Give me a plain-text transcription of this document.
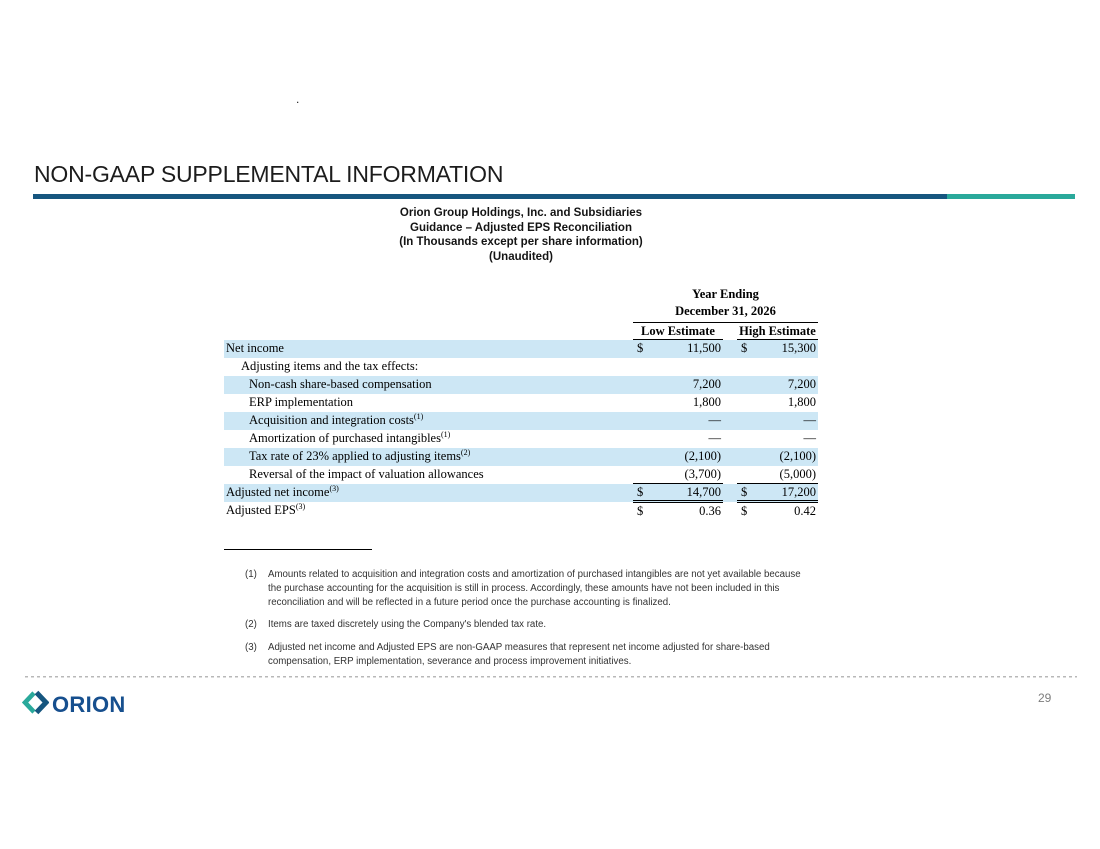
.
NON-GAAP SUPPLEMENTAL INFORMATION
Orion Group Holdings, Inc. and Subsidiaries
Guidance – Adjusted EPS Reconciliation
(In Thousands except per share information)
(Unaudited)

	Year Ending
December 31, 2026		

	Low Estimate		High Estimate
Net income	$ 11,500		$ 15,300

Adjusting items and the tax effects:	

Non-cash share-based compensation	7,200		7,200

ERP implementation	1,800		1,800

Acquisition and integration costs$^{(1)}$	—		—

Amortization of purchased intangibles$^{(1)}$	—		—

Tax rate of 23% applied to adjusting items$^{(2)}$	(2,100)		(2,100)

Reversal of the impact of valuation allowances	(3,700)		(5,000)

Adjusted net income$^{(3)}$	$ 14,700		$ 17,200

Adjusted EPS$^{(3)}$	$ 0.36		$ 0.42
(1)	Amounts related to acquisition and integration costs and amortization of purchased intangibles are not yet available because the purchase accounting for the acquisition is still in process. Accordingly, these amounts have not been included in this reconciliation and will be reflected in a future period once the purchase accounting is finalized.
(2)	Items are taxed discretely using the Company's blended tax rate.
(3)	Adjusted net income and Adjusted EPS are non-GAAP measures that represent net income adjusted for share-based compensation, ERP implementation, severance and process improvement initiatives.
ORION	29
